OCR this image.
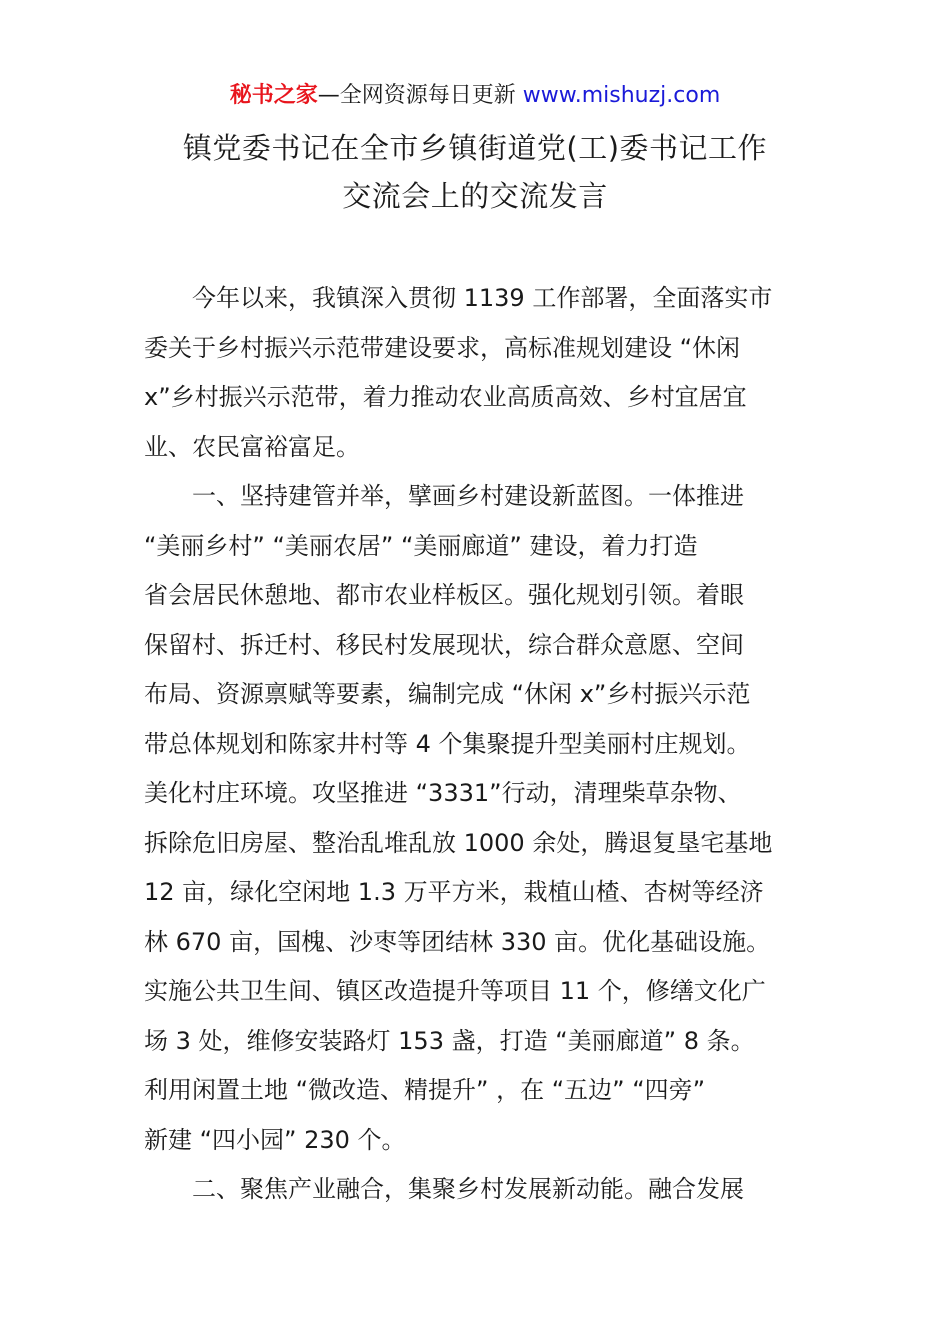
秘书之家—全网资源每日更新 www.mishuzj.com
镇党委书记在全市乡镇街道党(工)委书记工作
交流会上的交流发言
今年以来，我镇深入贯彻 1139 工作部署，全面落实市
委关于乡村振兴示范带建设要求，高标准规划建设 “休闲
x”乡村振兴示范带，着力推动农业高质高效、乡村宜居宜
业、农民富裕富足。
一、坚持建管并举，擘画乡村建设新蓝图。一体推进
“美丽乡村” “美丽农居” “美丽廊道” 建设，着力打造
省会居民休憩地、都市农业样板区。强化规划引领。着眼
保留村、拆迁村、移民村发展现状，综合群众意愿、空间
布局、资源禀赋等要素，编制完成 “休闲 x”乡村振兴示范
带总体规划和陈家井村等 4 个集聚提升型美丽村庄规划。
美化村庄环境。攻坚推进 “3331”行动，清理柴草杂物、
拆除危旧房屋、整治乱堆乱放 1000 余处，腾退复垦宅基地
12 亩，绿化空闲地 1.3 万平方米，栽植山楂、杏树等经济
林 670 亩，国槐、沙枣等团结林 330 亩。优化基础设施。
实施公共卫生间、镇区改造提升等项目 11 个，修缮文化广
场 3 处，维修安装路灯 153 盏，打造 “美丽廊道” 8 条。
利用闲置土地 “微改造、精提升” ，在 “五边” “四旁”
新建 “四小园” 230 个。
二、聚焦产业融合，集聚乡村发展新动能。融合发展
